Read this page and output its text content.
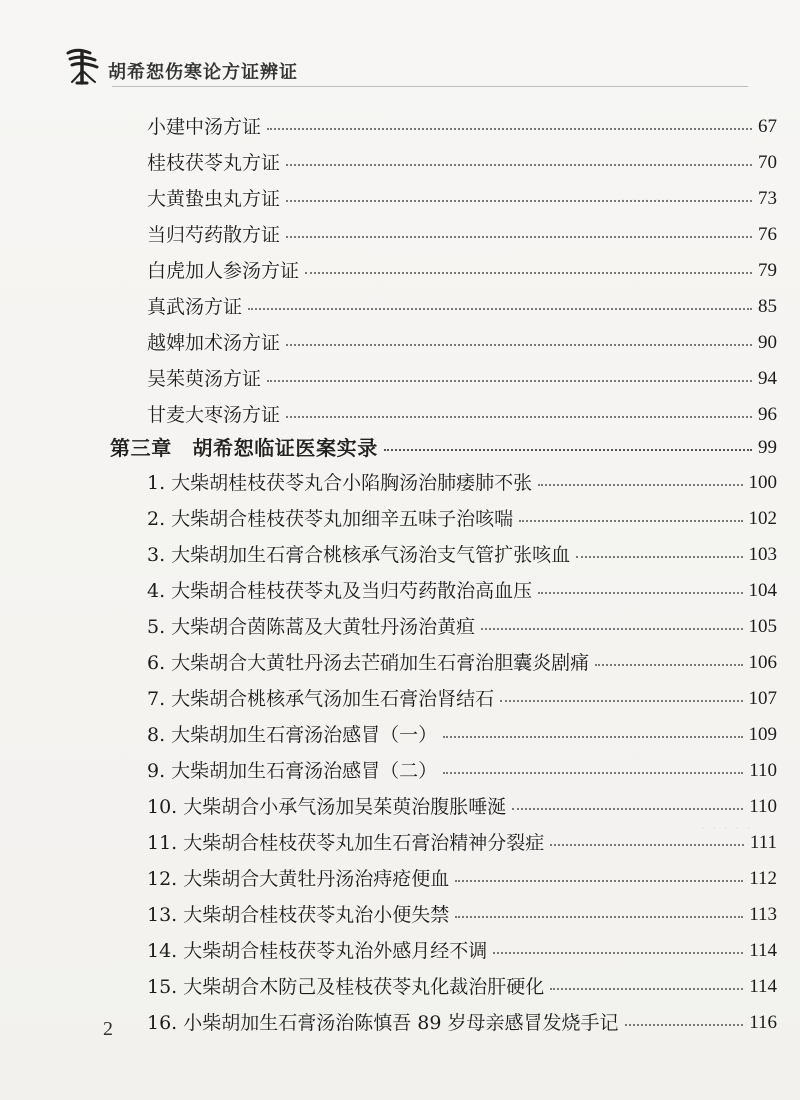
胡希恕伤寒论方证辨证
小建中汤方证	67
桂枝茯苓丸方证	70
大黄蛰虫丸方证	73
当归芍药散方证	76
白虎加人参汤方证	79
真武汤方证	85
越婢加术汤方证	90
吴茱萸汤方证	94
甘麦大枣汤方证	96
第三章　胡希恕临证医案实录	99
1. 大柴胡桂枝茯苓丸合小陷胸汤治肺痿肺不张	100
2. 大柴胡合桂枝茯苓丸加细辛五味子治咳喘	102
3. 大柴胡加生石膏合桃核承气汤治支气管扩张咳血	103
4. 大柴胡合桂枝茯苓丸及当归芍药散治高血压	104
5. 大柴胡合茵陈蒿及大黄牡丹汤治黄疸	105
6. 大柴胡合大黄牡丹汤去芒硝加生石膏治胆囊炎剧痛	106
7. 大柴胡合桃核承气汤加生石膏治肾结石	107
8. 大柴胡加生石膏汤治感冒（一）	109
9. 大柴胡加生石膏汤治感冒（二）	110
10. 大柴胡合小承气汤加吴茱萸治腹胀唾涎	110
11. 大柴胡合桂枝茯苓丸加生石膏治精神分裂症	111
12. 大柴胡合大黄牡丹汤治痔疮便血	112
13. 大柴胡合桂枝茯苓丸治小便失禁	113
14. 大柴胡合桂枝茯苓丸治外感月经不调	114
15. 大柴胡合木防己及桂枝茯苓丸化裁治肝硬化	114
16. 小柴胡加生石膏汤治陈慎吾 89 岁母亲感冒发烧手记	116
2
